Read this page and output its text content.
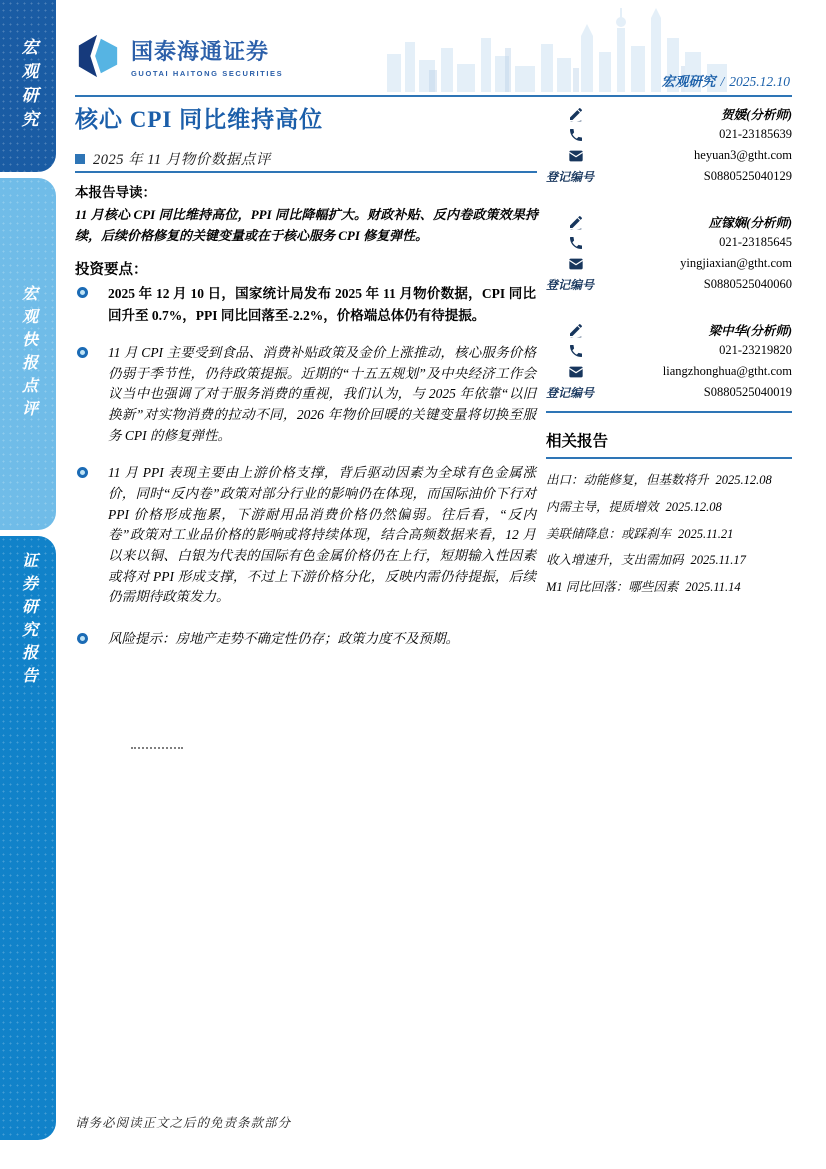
宏观研究
宏观快报点评
证券研究报告
国泰海通证券
GUOTAI HAITONG SECURITIES
宏观研究 / 2025.12.10
核心 CPI 同比维持高位
2025 年 11 月物价数据点评
本报告导读：
11 月核心 CPI 同比维持高位，PPI 同比降幅扩大。财政补贴、反内卷政策效果持续，后续价格修复的关键变量或在于核心服务 CPI 修复弹性。
投资要点：
2025 年 12 月 10 日，国家统计局发布 2025 年 11 月物价数据，CPI 同比回升至 0.7%，PPI 同比回落至-2.2%，价格端总体仍有待提振。
11 月 CPI 主要受到食品、消费补贴政策及金价上涨推动，核心服务价格仍弱于季节性，仍待政策提振。近期的“十五五规划”及中央经济工作会议当中也强调了对于服务消费的重视，我们认为，与 2025 年依靠“以旧换新”对实物消费的拉动不同，2026 年物价回暖的关键变量将切换至服务 CPI 的修复弹性。
11 月 PPI 表现主要由上游价格支撑，背后驱动因素为全球有色金属涨价，同时“反内卷”政策对部分行业的影响仍在体现，而国际油价下行对 PPI 价格形成拖累，下游耐用品消费价格仍然偏弱。往后看，“反内卷”政策对工业品价格的影响或将持续体现，结合高频数据来看，12 月以来以铜、白银为代表的国际有色金属价格仍在上行，短期输入性因素或将对 PPI 形成支撑，不过上下游价格分化，反映内需仍待提振，后续仍需期待政策发力。
风险提示：房地产走势不确定性仍存；政策力度不及预期。
贺媛(分析师)
021-23185639
heyuan3@gtht.com
登记编号	S0880525040129
应镓娴(分析师)
021-23185645
yingjiaxian@gtht.com
登记编号	S0880525040060
梁中华(分析师)
021-23219820
liangzhonghua@gtht.com
登记编号	S0880525040019
相关报告
出口：动能修复，但基数将升 2025.12.08
内需主导，提质增效 2025.12.08
美联储降息：或踩刹车 2025.11.21
收入增速升，支出需加码 2025.11.17
M1 同比回落：哪些因素 2025.11.14
请务必阅读正文之后的免责条款部分
